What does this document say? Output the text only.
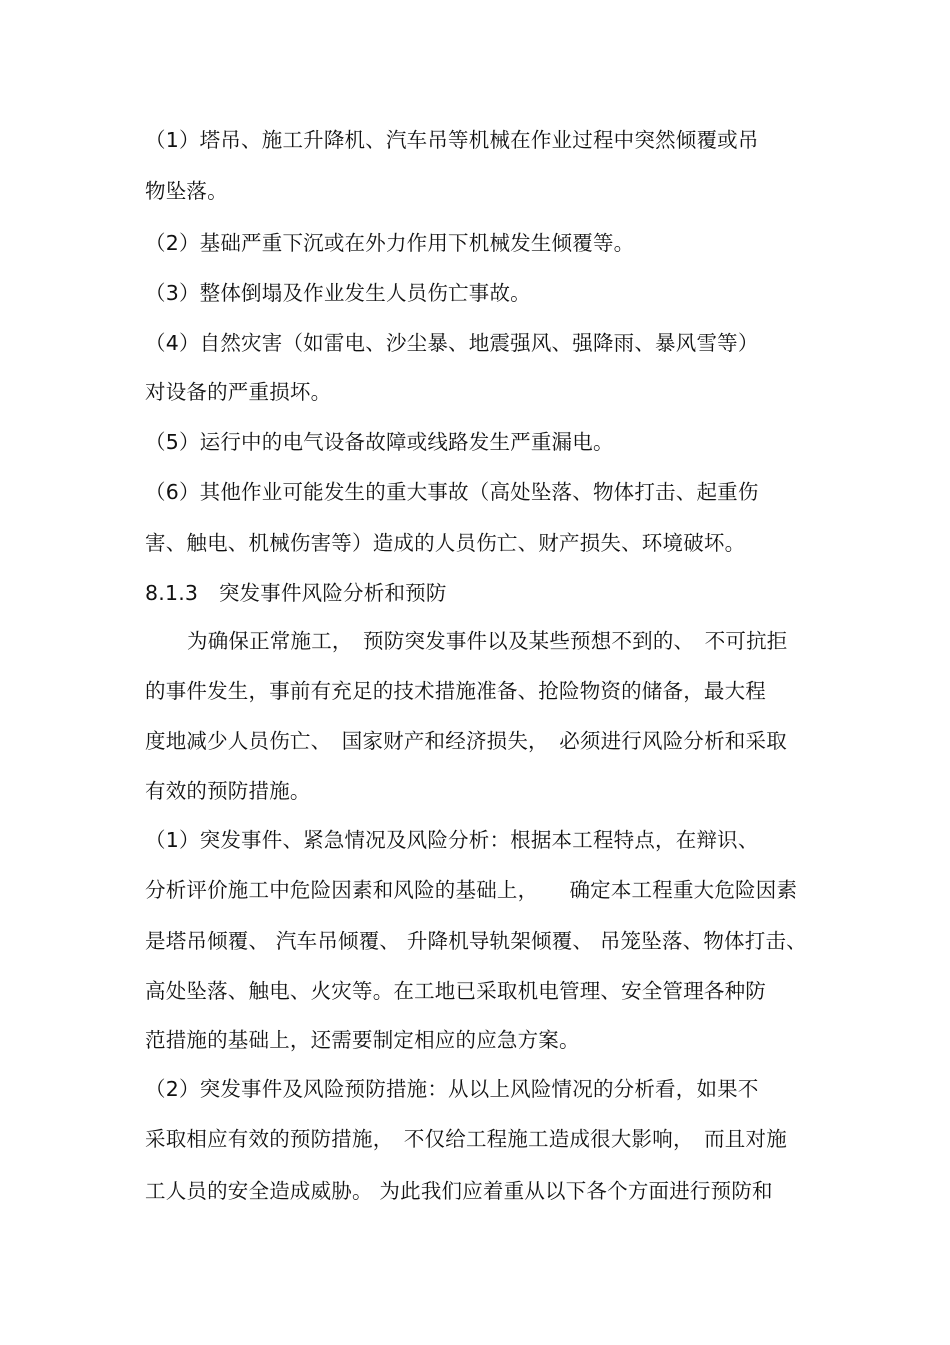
（1）塔吊、施工升降机、汽车吊等机械在作业过程中突然倾覆或吊
物坠落。
（2）基础严重下沉或在外力作用下机械发生倾覆等。
（3）整体倒塌及作业发生人员伤亡事故。
（4）自然灾害（如雷电、沙尘暴、地震强风、强降雨、暴风雪等）
对设备的严重损坏。
（5）运行中的电气设备故障或线路发生严重漏电。
（6）其他作业可能发生的重大事故（高处坠落、物体打击、起重伤
害、触电、机械伤害等）造成的人员伤亡、财产损失、环境破坏。
8.1.3　突发事件风险分析和预防
为确保正常施工，　预防突发事件以及某些预想不到的、　不可抗拒
的事件发生，事前有充足的技术措施准备、抢险物资的储备，最大程
度地减少人员伤亡、　国家财产和经济损失，　必须进行风险分析和采取
有效的预防措施。
（1）突发事件、紧急情况及风险分析：根据本工程特点，在辩识、
分析评价施工中危险因素和风险的基础上，　　确定本工程重大危险因素
是塔吊倾覆、 汽车吊倾覆、 升降机导轨架倾覆、 吊笼坠落、物体打击、
高处坠落、触电、火灾等。在工地已采取机电管理、安全管理各种防
范措施的基础上，还需要制定相应的应急方案。
（2）突发事件及风险预防措施：从以上风险情况的分析看，如果不
采取相应有效的预防措施，　不仅给工程施工造成很大影响，　而且对施
工人员的安全造成威胁。 为此我们应着重从以下各个方面进行预防和
